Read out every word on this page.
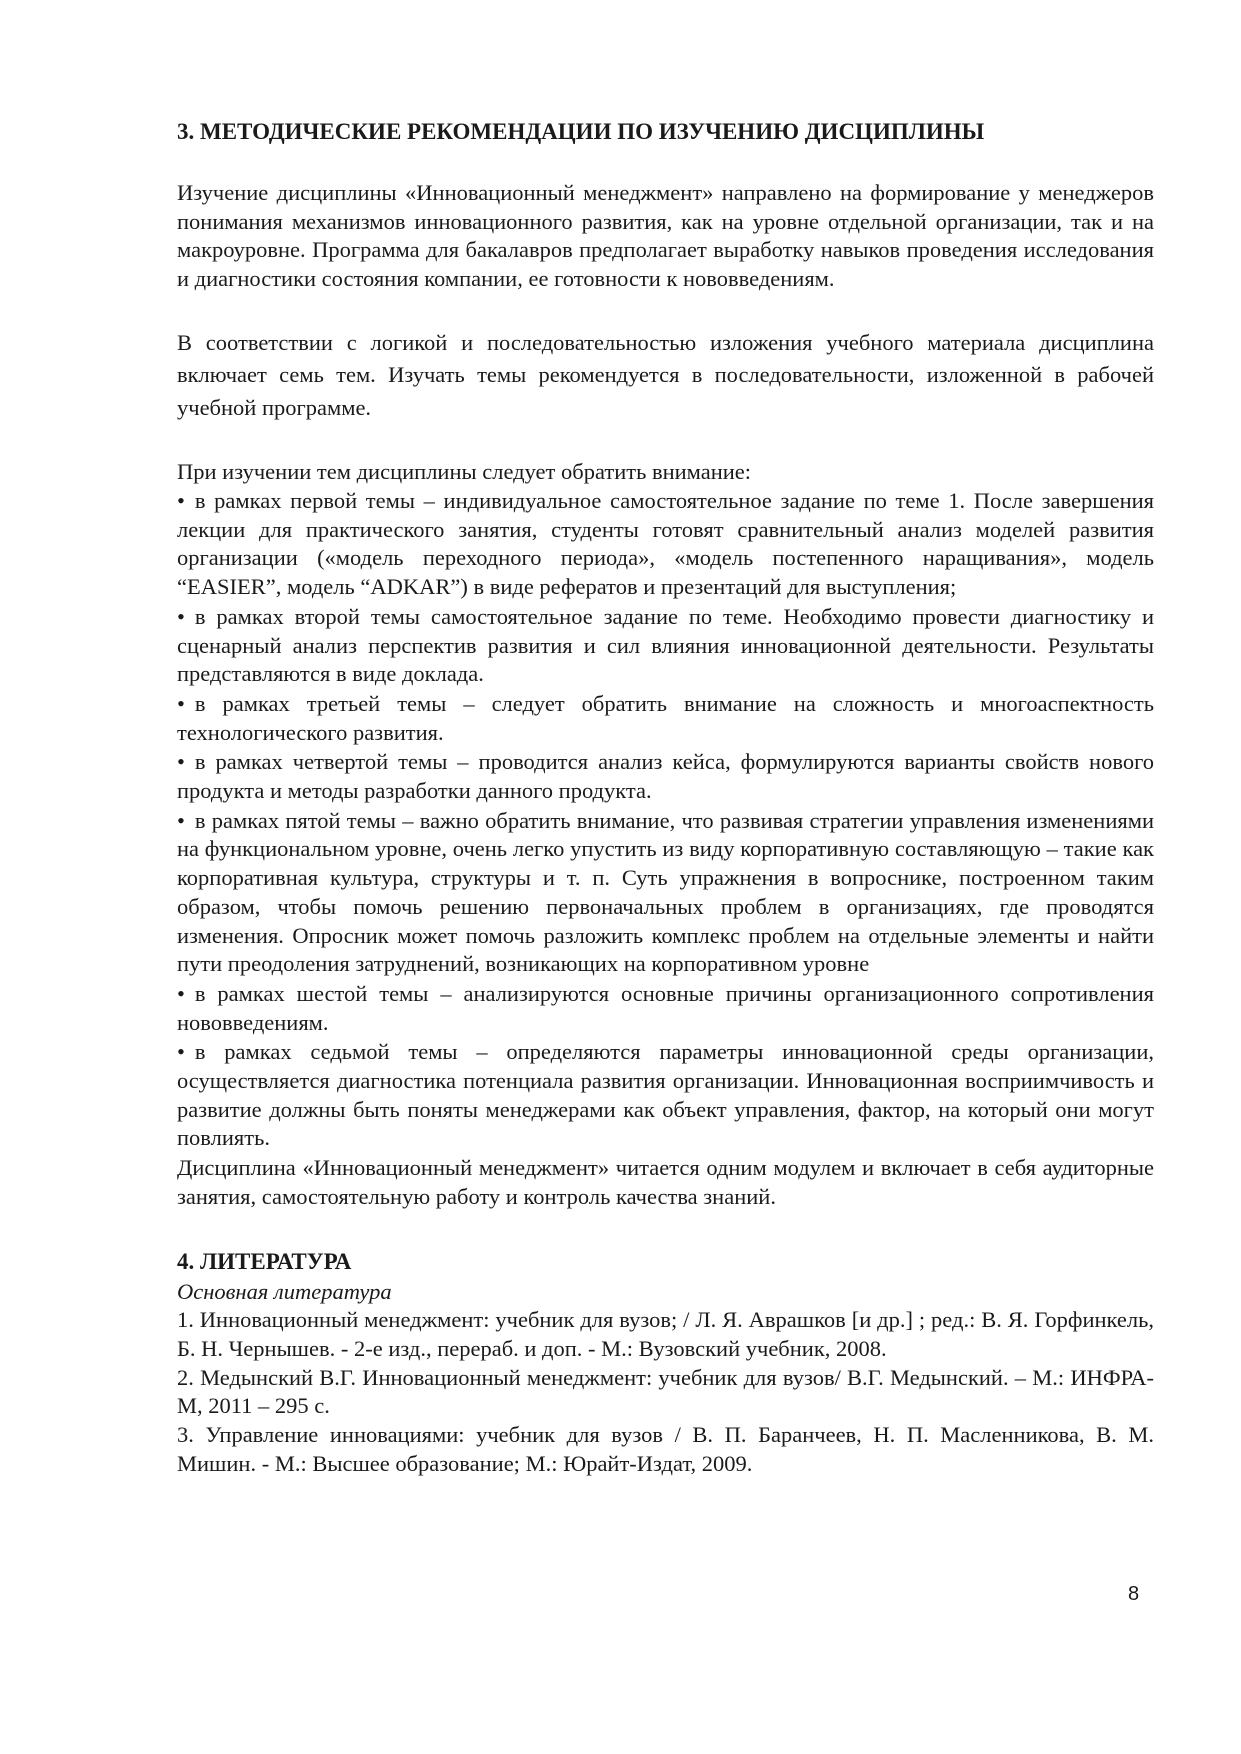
3. МЕТОДИЧЕСКИЕ РЕКОМЕНДАЦИИ ПО ИЗУЧЕНИЮ ДИСЦИПЛИНЫ

Изучение дисциплины «Инновационный менеджмент» направлено на формирование у менеджеров понимания механизмов инновационного развития, как на уровне отдельной организации, так и на макроуровне. Программа для бакалавров предполагает выработку навыков проведения исследования и диагностики состояния компании, ее готовности к нововведениям.

В соответствии с логикой и последовательностью изложения учебного материала дисциплина включает семь тем. Изучать темы рекомендуется в последовательности, изложенной в рабочей учебной программе.

При изучении тем дисциплины следует обратить внимание:

• в рамках первой темы – индивидуальное самостоятельное задание по теме 1. После завершения лекции для практического занятия, студенты готовят сравнительный анализ моделей развития организации («модель переходного периода», «модель постепенного наращивания», модель “EASIER”, модель “ADKAR”) в виде рефератов и презентаций для выступления;
• в рамках второй темы самостоятельное задание по теме. Необходимо провести диагностику и сценарный анализ перспектив развития и сил влияния инновационной деятельности. Результаты представляются в виде доклада.
• в рамках третьей темы – следует обратить внимание на сложность и многоаспектность технологического развития.
• в рамках четвертой темы – проводится анализ кейса, формулируются варианты свойств нового продукта и методы разработки данного продукта.
• в рамках пятой темы – важно обратить внимание, что развивая стратегии управления изменениями на функциональном уровне, очень легко упустить из виду корпоративную составляющую – такие как корпоративная культура, структуры и т. п. Суть упражнения в вопроснике, построенном таким образом, чтобы помочь решению первоначальных проблем в организациях, где проводятся изменения. Опросник может помочь разложить комплекс проблем на отдельные элементы и найти пути преодоления затруднений, возникающих на корпоративном уровне
• в рамках шестой темы – анализируются основные причины организационного сопротивления нововведениям.
• в рамках седьмой темы – определяются параметры инновационной среды организации, осуществляется диагностика потенциала развития организации. Инновационная восприимчивость и развитие должны быть поняты менеджерами как объект управления, фактор, на который они могут повлиять.

Дисциплина «Инновационный менеджмент» читается одним модулем и включает в себя аудиторные занятия, самостоятельную работу и контроль качества знаний.

4. ЛИТЕРАТУРА

Основная литература

1. Инновационный менеджмент: учебник для вузов; / Л. Я. Аврашков [и др.] ; ред.: В. Я. Горфинкель, Б. Н. Чернышев. - 2-е изд., перераб. и доп. - М.: Вузовский учебник, 2008.
2. Медынский В.Г. Инновационный менеджмент: учебник для вузов/ В.Г. Медынский. – М.: ИНФРА-М, 2011 – 295 с.
3. Управление инновациями: учебник для вузов / В. П. Баранчеев, Н. П. Масленникова, В. М. Мишин. - М.: Высшее образование; М.: Юрайт-Издат, 2009.
8
